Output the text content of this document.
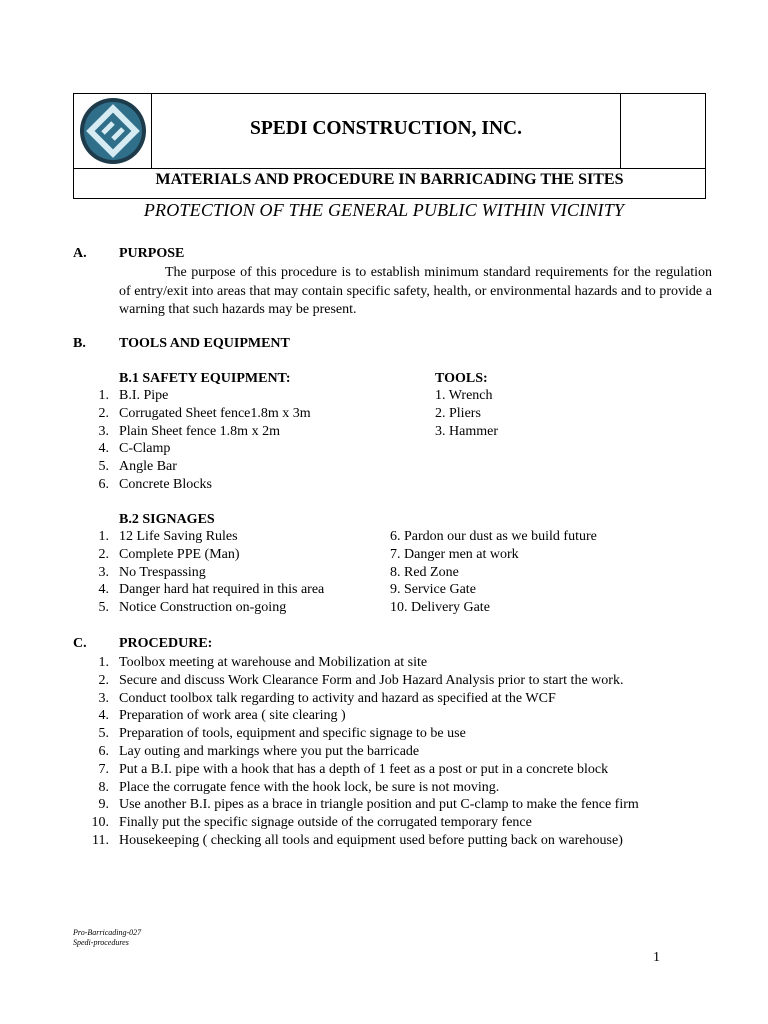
SPEDI CONSTRUCTION, INC.
MATERIALS AND PROCEDURE IN BARRICADING THE SITES
PROTECTION OF THE GENERAL PUBLIC WITHIN VICINITY
A. PURPOSE
The purpose of this procedure is to establish minimum standard requirements for the regulation of entry/exit into areas that may contain specific safety, health, or environmental hazards and to provide a warning that such hazards may be present.
B. TOOLS AND EQUIPMENT
B.1 SAFETY EQUIPMENT:
1. B.I. Pipe
2. Corrugated Sheet fence1.8m x 3m
3. Plain Sheet fence 1.8m x 2m
4. C-Clamp
5. Angle Bar
6. Concrete Blocks
TOOLS:
1. Wrench
2. Pliers
3. Hammer
B.2 SIGNAGES
1. 12 Life Saving Rules
2. Complete PPE (Man)
3. No Trespassing
4. Danger hard hat required in this area
5. Notice Construction on-going
6. Pardon our dust as we build future
7. Danger men at work
8. Red Zone
9. Service Gate
10. Delivery Gate
C. PROCEDURE:
1. Toolbox meeting at warehouse and Mobilization at site
2. Secure and discuss Work Clearance Form and Job Hazard Analysis prior to start the work.
3. Conduct toolbox talk regarding to activity and hazard as specified at the WCF
4. Preparation of work area ( site clearing )
5. Preparation of tools, equipment and specific signage to be use
6. Lay outing and markings where you put the barricade
7. Put a B.I. pipe with a hook that has a depth of 1 feet as a post or put in a concrete block
8. Place the corrugate fence with the hook lock, be sure is not moving.
9. Use another B.I. pipes as a brace in triangle position and put C-clamp to make the fence firm
10. Finally put the specific signage outside of the corrugated temporary fence
11. Housekeeping ( checking all tools and equipment used before putting back on warehouse)
Pro-Barricading-027
Spedi-procedures
1
